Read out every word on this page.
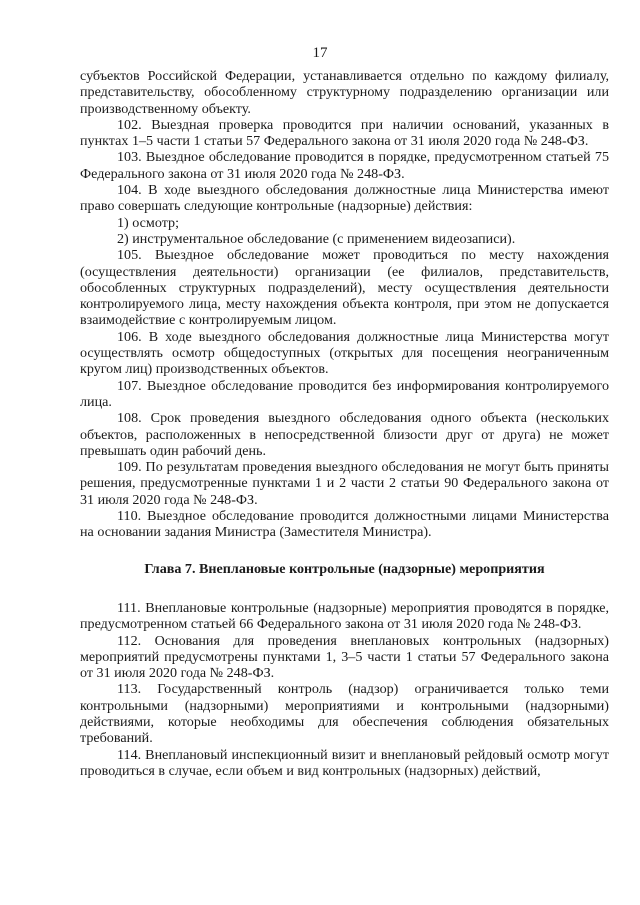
17

субъектов Российской Федерации, устанавливается отдельно по каждому филиалу, представительству, обособленному структурному подразделению организации или производственному объекту.

102. Выездная проверка проводится при наличии оснований, указанных в пунктах 1–5 части 1 статьи 57 Федерального закона от 31 июля 2020 года № 248-ФЗ.

103. Выездное обследование проводится в порядке, предусмотренном статьей 75 Федерального закона от 31 июля 2020 года № 248-ФЗ.

104. В ходе выездного обследования должностные лица Министерства имеют право совершать следующие контрольные (надзорные) действия:

1) осмотр;

2) инструментальное обследование (с применением видеозаписи).

105. Выездное обследование может проводиться по месту нахождения (осуществления деятельности) организации (ее филиалов, представительств, обособленных структурных подразделений), месту осуществления деятельности контролируемого лица, месту нахождения объекта контроля, при этом не допускается взаимодействие с контролируемым лицом.

106. В ходе выездного обследования должностные лица Министерства могут осуществлять осмотр общедоступных (открытых для посещения неограниченным кругом лиц) производственных объектов.

107. Выездное обследование проводится без информирования контролируемого лица.

108. Срок проведения выездного обследования одного объекта (нескольких объектов, расположенных в непосредственной близости друг от друга) не может превышать один рабочий день.

109. По результатам проведения выездного обследования не могут быть приняты решения, предусмотренные пунктами 1 и 2 части 2 статьи 90 Федерального закона от 31 июля 2020 года № 248-ФЗ.

110. Выездное обследование проводится должностными лицами Министерства на основании задания Министра (Заместителя Министра).

Глава 7. Внеплановые контрольные (надзорные) мероприятия

111. Внеплановые контрольные (надзорные) мероприятия проводятся в порядке, предусмотренном статьей 66 Федерального закона от 31 июля 2020 года № 248-ФЗ.

112. Основания для проведения внеплановых контрольных (надзорных) мероприятий предусмотрены пунктами 1, 3–5 части 1 статьи 57 Федерального закона от 31 июля 2020 года № 248-ФЗ.

113. Государственный контроль (надзор) ограничивается только теми контрольными (надзорными) мероприятиями и контрольными (надзорными) действиями, которые необходимы для обеспечения соблюдения обязательных требований.

114. Внеплановый инспекционный визит и внеплановый рейдовый осмотр могут проводиться в случае, если объем и вид контрольных (надзорных) действий,
